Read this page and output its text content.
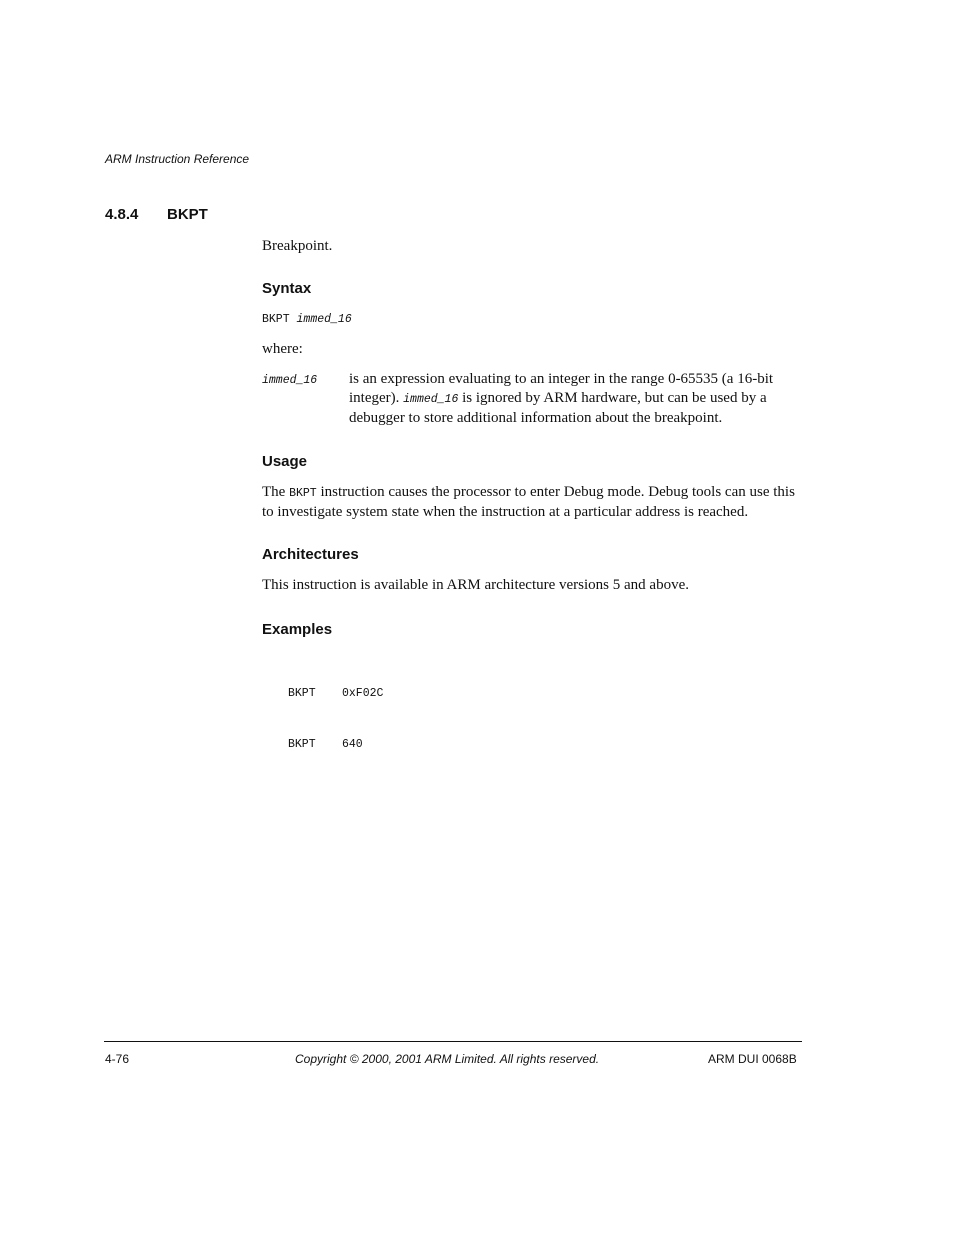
ARM Instruction Reference
4.8.4 BKPT
Breakpoint.
Syntax
BKPT immed_16
where:
immed_16 is an expression evaluating to an integer in the range 0-65535 (a 16-bit
integer). immed_16 is ignored by ARM hardware, but can be used by a
debugger to store additional information about the breakpoint.
Usage
The BKPT instruction causes the processor to enter Debug mode. Debug tools can use this
to investigate system state when the instruction at a particular address is reached.
Architectures
This instruction is available in ARM architecture versions 5 and above.
Examples

BKPT 0xF02C

BKPT 640

4-76	Copyright © 2000, 2001 ARM Limited. All rights reserved.	ARM DUI 0068B
